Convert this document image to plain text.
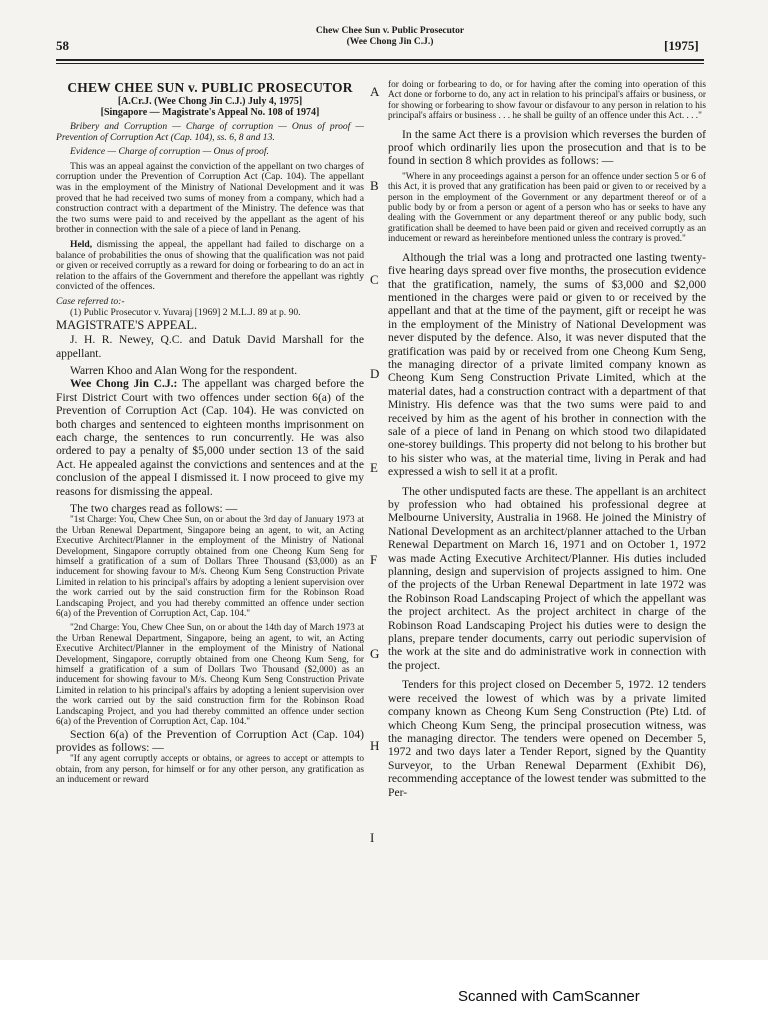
58
Chew Chee Sun v. Public Prosecutor
(Wee Chong Jin C.J.)	[1975]

CHEW CHEE SUN v. PUBLIC PROSECUTOR

[A.Cr.J. (Wee Chong Jin C.J.) July 4, 1975]

[Singapore — Magistrate's Appeal No. 108 of 1974]

Bribery and Corruption — Charge of corruption — Onus of proof — Prevention of Corruption Act (Cap. 104), ss. 6, 8 and 13.

Evidence — Charge of corruption — Onus of proof.

This was an appeal against the conviction of the appellant on two charges of corruption under the Prevention of Corruption Act (Cap. 104). The appellant was in the employment of the Ministry of National Development and it was proved that he had received two sums of money from a company, which had a construction contract with a department of the Ministry. The defence was that the two sums were paid to and received by the appellant as the agent of his brother in connection with the sale of a piece of land in Penang.

Held, dismissing the appeal, the appellant had failed to discharge on a balance of probabilities the onus of showing that the qualification was not paid or given or received corruptly as a reward for doing or forbearing to do an act in relation to the affairs of the Government and therefore the appellant was rightly convicted of the offences.

Case referred to:-

(1) Public Prosecutor v. Yuvaraj [1969] 2 M.L.J. 89 at p. 90.

MAGISTRATE'S APPEAL.

J. H. R. Newey, Q.C. and Datuk David Marshall for the appellant.

Warren Khoo and Alan Wong for the respondent.

Wee Chong Jin C.J.: The appellant was charged before the First District Court with two offences under section 6(a) of the Prevention of Corruption Act (Cap. 104). He was convicted on both charges and sentenced to eighteen months imprisonment on each charge, the sentences to run concurrently. He was also ordered to pay a penalty of $5,000 under section 13 of the said Act. He appealed against the convictions and sentences and at the conclusion of the appeal I dismissed it. I now proceed to give my reasons for dismissing the appeal.

The two charges read as follows: —

"1st Charge: You, Chew Chee Sun, on or about the 3rd day of January 1973 at the Urban Renewal Department, Singapore being an agent, to wit, an Acting Executive Architect/Planner in the employment of the Ministry of National Development, Singapore corruptly obtained from one Cheong Kum Seng for himself a gratification of a sum of Dollars Three Thousand ($3,000) as an inducement for showing favour to M/s. Cheong Kum Seng Construction Private Limited in relation to his principal's affairs by adopting a lenient supervision over the work carried out by the said construction firm for the Robinson Road Landscaping Project, and you had thereby committed an offence under section 6(a) of the Prevention of Corruption Act, Cap. 104."

"2nd Charge: You, Chew Chee Sun, on or about the 14th day of March 1973 at the Urban Renewal Department, Singapore, being an agent, to wit, an Acting Executive Architect/Planner in the employment of the Ministry of National Development, Singapore, corruptly obtained from one Cheong Kum Seng, for himself a gratification of a sum of Dollars Two Thousand ($2,000) as an inducement for showing favour to M/s. Cheong Kum Seng Construction Private Limited in relation to his principal's affairs by adopting a lenient supervision over the work carried out by the said construction firm for the Robinson Road Landscaping Project, and you had thereby committed an offence under section 6(a) of the Prevention of Corruption Act, Cap. 104."

Section 6(a) of the Prevention of Corruption Act (Cap. 104) provides as follows: —

"If any agent corruptly accepts or obtains, or agrees to accept or attempts to obtain, from any person, for himself or for any other person, any gratification as an inducement or reward

A
B
C
D
E
F
G
H
I

for doing or forbearing to do, or for having after the coming into operation of this Act done or forborne to do, any act in relation to his principal's affairs or business, or for showing or forbearing to show favour or disfavour to any person in relation to his principal's affairs or business . . . he shall be guilty of an offence under this Act. . . ."

In the same Act there is a provision which reverses the burden of proof which ordinarily lies upon the prosecution and that is to be found in section 8 which provides as follows: —

"Where in any proceedings against a person for an offence under section 5 or 6 of this Act, it is proved that any gratification has been paid or given to or received by a person in the employment of the Government or any department thereof or of a public body by or from a person or agent of a person who has or seeks to have any dealing with the Government or any department thereof or any public body, such gratification shall be deemed to have been paid or given and received corruptly as an inducement or reward as hereinbefore mentioned unless the contrary is proved."

Although the trial was a long and protracted one lasting twenty-five hearing days spread over five months, the prosecution evidence that the gratification, namely, the sums of $3,000 and $2,000 mentioned in the charges were paid or given to or received by the appellant and that at the time of the payment, gift or receipt he was in the employment of the Ministry of National Development was never disputed by the defence. Also, it was never disputed that the gratification was paid by or received from one Cheong Kum Seng, the managing director of a private limited company known as Cheong Kum Seng Construction Private Limited, which at the material dates, had a construction contract with a department of that Ministry. His defence was that the two sums were paid to and received by him as the agent of his brother in connection with the sale of a piece of land in Penang on which stood two dilapidated one-storey buildings. This property did not belong to his brother but to his sister who was, at the material time, living in Perak and had expressed a wish to sell it at a profit.

The other undisputed facts are these. The appellant is an architect by profession who had obtained his professional degree at Melbourne University, Australia in 1968. He joined the Ministry of National Development as an architect/planner attached to the Urban Renewal Department on March 16, 1971 and on October 1, 1972 was made Acting Executive Architect/Planner. His duties included planning, design and supervision of projects assigned to him. One of the projects of the Urban Renewal Department in late 1972 was the Robinson Road Landscaping Project of which the appellant was the project architect. As the project architect in charge of the Robinson Road Landscaping Project his duties were to design the plans, prepare tender documents, carry out periodic supervision of the work at the site and do administrative work in connection with the project.

Tenders for this project closed on December 5, 1972. 12 tenders were received the lowest of which was by a private limited company known as Cheong Kum Seng Construction (Pte) Ltd. of which Cheong Kum Seng, the principal prosecution witness, was the managing director. The tenders were opened on December 5, 1972 and two days later a Tender Report, signed by the Quantity Surveyor, to the Urban Renewal Deparment (Exhibit D6), recommending acceptance of the lowest tender was submitted to the Per-

Scanned with CamScanner
